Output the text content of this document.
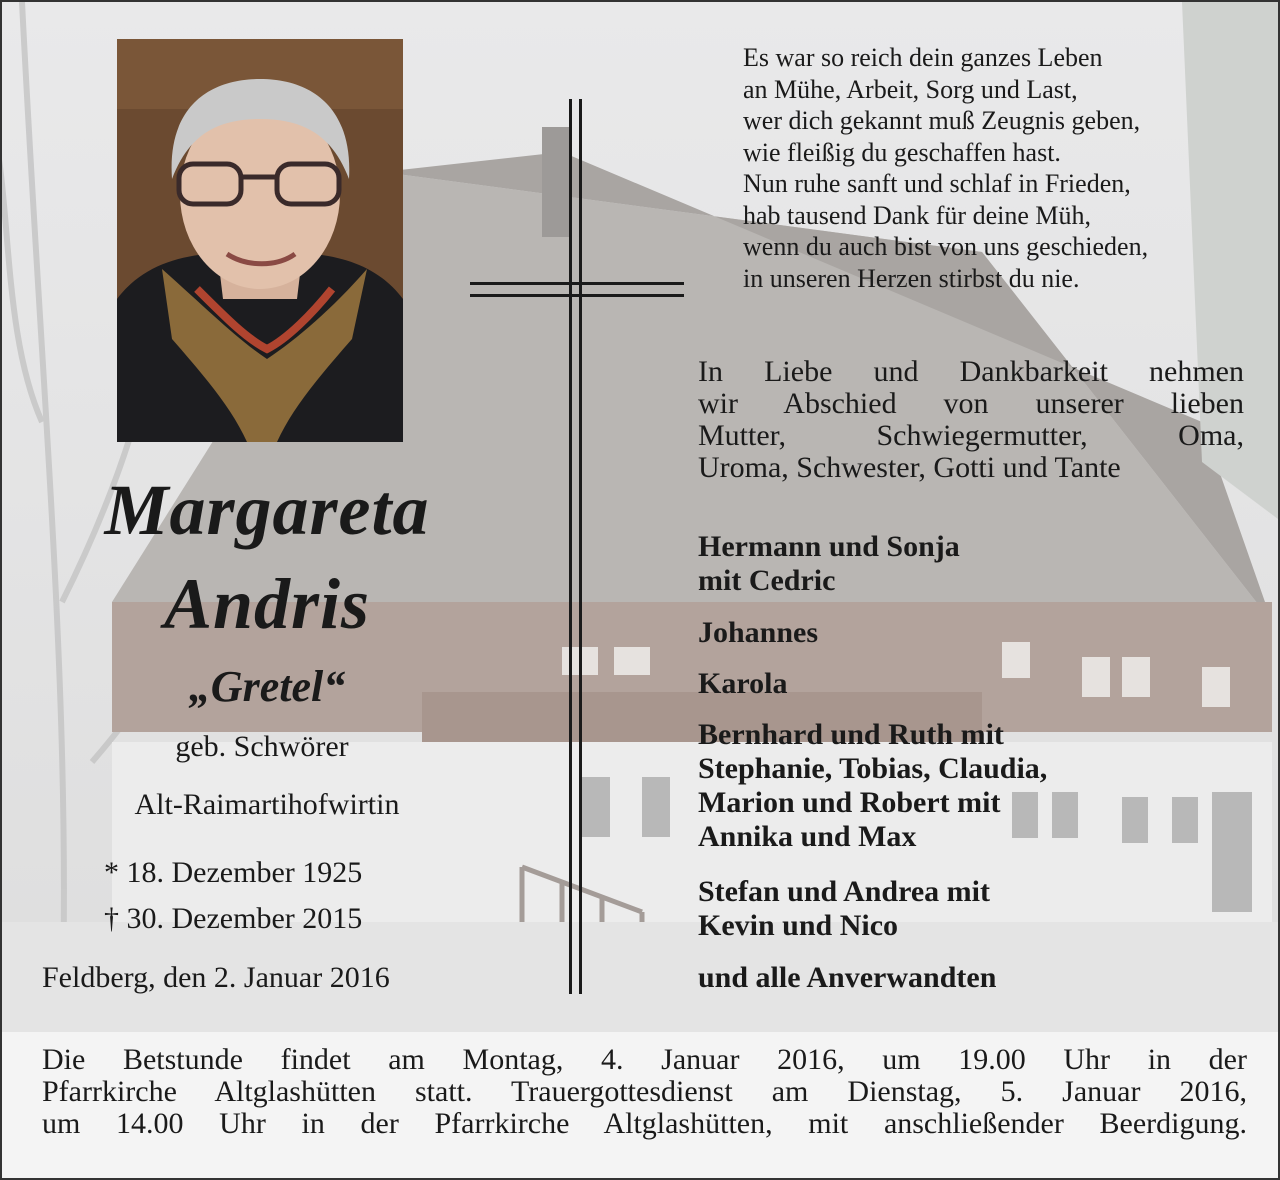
Es war so reich dein ganzes Leben
an Mühe, Arbeit, Sorg und Last,
wer dich gekannt muß Zeugnis geben,
wie fleißig du geschaffen hast.
Nun ruhe sanft und schlaf in Frieden,
hab tausend Dank für deine Müh,
wenn du auch bist von uns geschieden,
in unseren Herzen stirbst du nie.
In Liebe und Dankbarkeit nehmen
wir Abschied von unserer lieben
Mutter, Schwiegermutter, Oma,
Uroma, Schwester, Gotti und Tante
Hermann und Sonja
mit Cedric
Johannes
Karola
Bernhard und Ruth mit
Stephanie, Tobias, Claudia,
Marion und Robert mit
Annika und Max
Stefan und Andrea mit
Kevin und Nico
und alle Anverwandten
Margareta
Andris
„Gretel“
geb. Schwörer
Alt-Raimartihofwirtin
* 18. Dezember 1925
† 30. Dezember 2015
Feldberg, den 2. Januar 2016
Die Betstunde findet am Montag, 4. Januar 2016, um 19.00 Uhr in der
Pfarrkirche Altglashütten statt. Trauergottesdienst am Dienstag, 5. Januar 2016,
um 14.00 Uhr in der Pfarrkirche Altglashütten, mit anschließender Beerdigung.
